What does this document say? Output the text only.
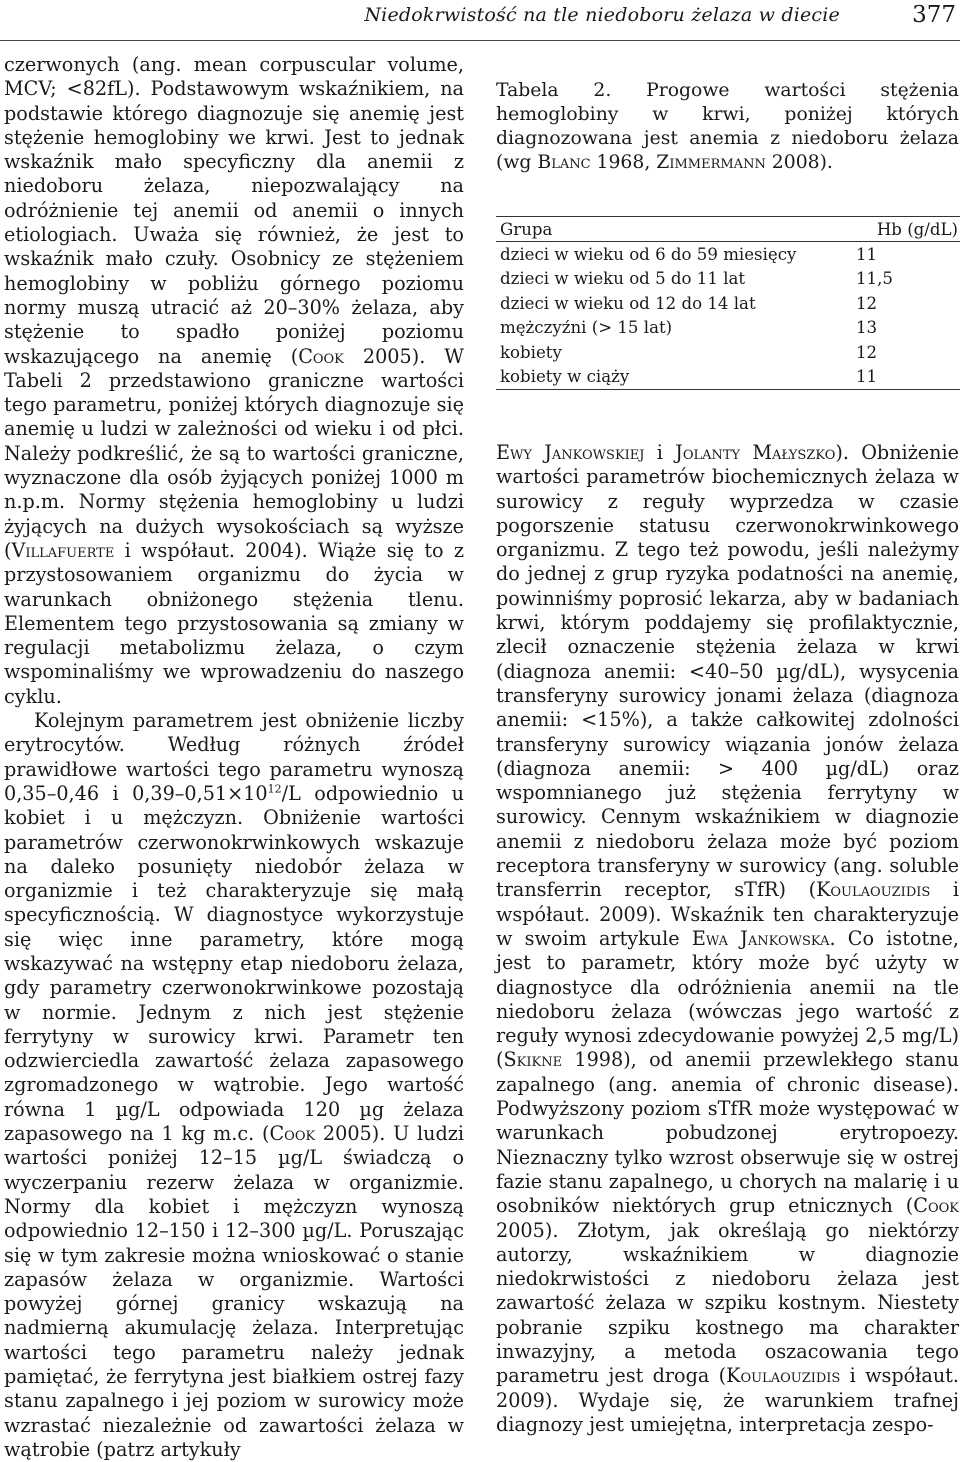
Niedokrwistość na tle niedoboru żelaza w diecie	377

czerwonych (ang. mean corpuscular volume, MCV; <82fL). Podstawowym wskaźnikiem, na podstawie którego diagnozuje się anemię jest stężenie hemoglobiny we krwi. Jest to jednak wskaźnik mało specyficzny dla anemii z niedoboru żelaza, niepozwalający na odróżnienie tej anemii od anemii o innych etiologiach. Uważa się również, że jest to wskaźnik mało czuły. Osobnicy ze stężeniem hemoglobiny w pobliżu górnego poziomu normy muszą utracić aż 20–30% żelaza, aby stężenie to spadło poniżej poziomu wskazującego na anemię (Cook 2005). W Tabeli 2 przedstawiono graniczne wartości tego parametru, poniżej których diagnozuje się anemię u ludzi w zależności od wieku i od płci. Należy podkreślić, że są to wartości graniczne, wyznaczone dla osób żyjących poniżej 1000 m n.p.m. Normy stężenia hemoglobiny u ludzi żyjących na dużych wysokościach są wyższe (Villafuerte i współaut. 2004). Wiąże się to z przystosowaniem organizmu do życia w warunkach obniżonego stężenia tlenu. Elementem tego przystosowania są zmiany w regulacji metabolizmu żelaza, o czym wspominaliśmy we wprowadzeniu do naszego cyklu.

Kolejnym parametrem jest obniżenie liczby erytrocytów. Według różnych źródeł prawidłowe wartości tego parametru wynoszą 0,35–0,46 i $0,39-0,51\times 10^{12}/L$ odpowiednio u kobiet i u mężczyzn. Obniżenie wartości parametrów czerwonokrwinkowych wskazuje na daleko posunięty niedobór żelaza w organizmie i też charakteryzuje się małą specyficznością. W diagnostyce wykorzystuje się więc inne parametry, które mogą wskazywać na wstępny etap niedoboru żelaza, gdy parametry czerwonokrwinkowe pozostają w normie. Jednym z nich jest stężenie ferrytyny w surowicy krwi. Parametr ten odzwierciedla zawartość żelaza zapasowego zgromadzonego w wątrobie. Jego wartość równa 1 µg/L odpowiada 120 µg żelaza zapasowego na 1 kg m.c. (Cook 2005). U ludzi wartości poniżej 12–15 µg/L świadczą o wyczerpaniu rezerw żelaza w organizmie. Normy dla kobiet i mężczyzn wynoszą odpowiednio 12–150 i 12–300 µg/L. Poruszając się w tym zakresie można wnioskować o stanie zapasów żelaza w organizmie. Wartości powyżej górnej granicy wskazują na nadmierną akumulację żelaza. Interpretując wartości tego parametru należy jednak pamiętać, że ferrytyna jest białkiem ostrej fazy stanu zapalnego i jej poziom w surowicy może wzrastać niezależnie od zawartości żelaza w wątrobie (patrz artykuły

Tabela 2. Progowe wartości stężenia hemoglobiny w krwi, poniżej których diagnozowana jest anemia z niedoboru żelaza (wg Blanc 1968, Zimmermann 2008).
Grupa	Hb (g/dL)
dzieci w wieku od 6 do 59 miesięcy	11
dzieci w wieku od 5 do 11 lat	11,5
dzieci w wieku od 12 do 14 lat	12
mężczyźni (> 15 lat)	13
kobiety	12
kobiety w ciąży	11

Ewy Jankowskiej i Jolanty Małyszko). Obniżenie wartości parametrów biochemicznych żelaza w surowicy z reguły wyprzedza w czasie pogorszenie statusu czerwonokrwinkowego organizmu. Z tego też powodu, jeśli należymy do jednej z grup ryzyka podatności na anemię, powinniśmy poprosić lekarza, aby w badaniach krwi, którym poddajemy się profilaktycznie, zlecił oznaczenie stężenia żelaza w krwi (diagnoza anemii: <40–50 µg/dL), wysycenia transferyny surowicy jonami żelaza (diagnoza anemii: <15%), a także całkowitej zdolności transferyny surowicy wiązania jonów żelaza (diagnoza anemii: > 400 µg/dL) oraz wspomnianego już stężenia ferrytyny w surowicy. Cennym wskaźnikiem w diagnozie anemii z niedoboru żelaza może być poziom receptora transferyny w surowicy (ang. soluble transferrin receptor, sTfR) (Koulaouzidis i współaut. 2009). Wskaźnik ten charakteryzuje w swoim artykule Ewa Jankowska. Co istotne, jest to parametr, który może być użyty w diagnostyce dla odróżnienia anemii na tle niedoboru żelaza (wówczas jego wartość z reguły wynosi zdecydowanie powyżej 2,5 mg/L) (Skikne 1998), od anemii przewlekłego stanu zapalnego (ang. anemia of chronic disease). Podwyższony poziom sTfR może występować w warunkach pobudzonej erytropoezy. Nieznaczny tylko wzrost obserwuje się w ostrej fazie stanu zapalnego, u chorych na malarię i u osobników niektórych grup etnicznych (Cook 2005). Złotym, jak określają go niektórzy autorzy, wskaźnikiem w diagnozie niedokrwistości z niedoboru żelaza jest zawartość żelaza w szpiku kostnym. Niestety pobranie szpiku kostnego ma charakter inwazyjny, a metoda oszacowania tego parametru jest droga (Koulaouzidis i współaut. 2009). Wydaje się, że warunkiem trafnej diagnozy jest umiejętna, interpretacja zespo-
